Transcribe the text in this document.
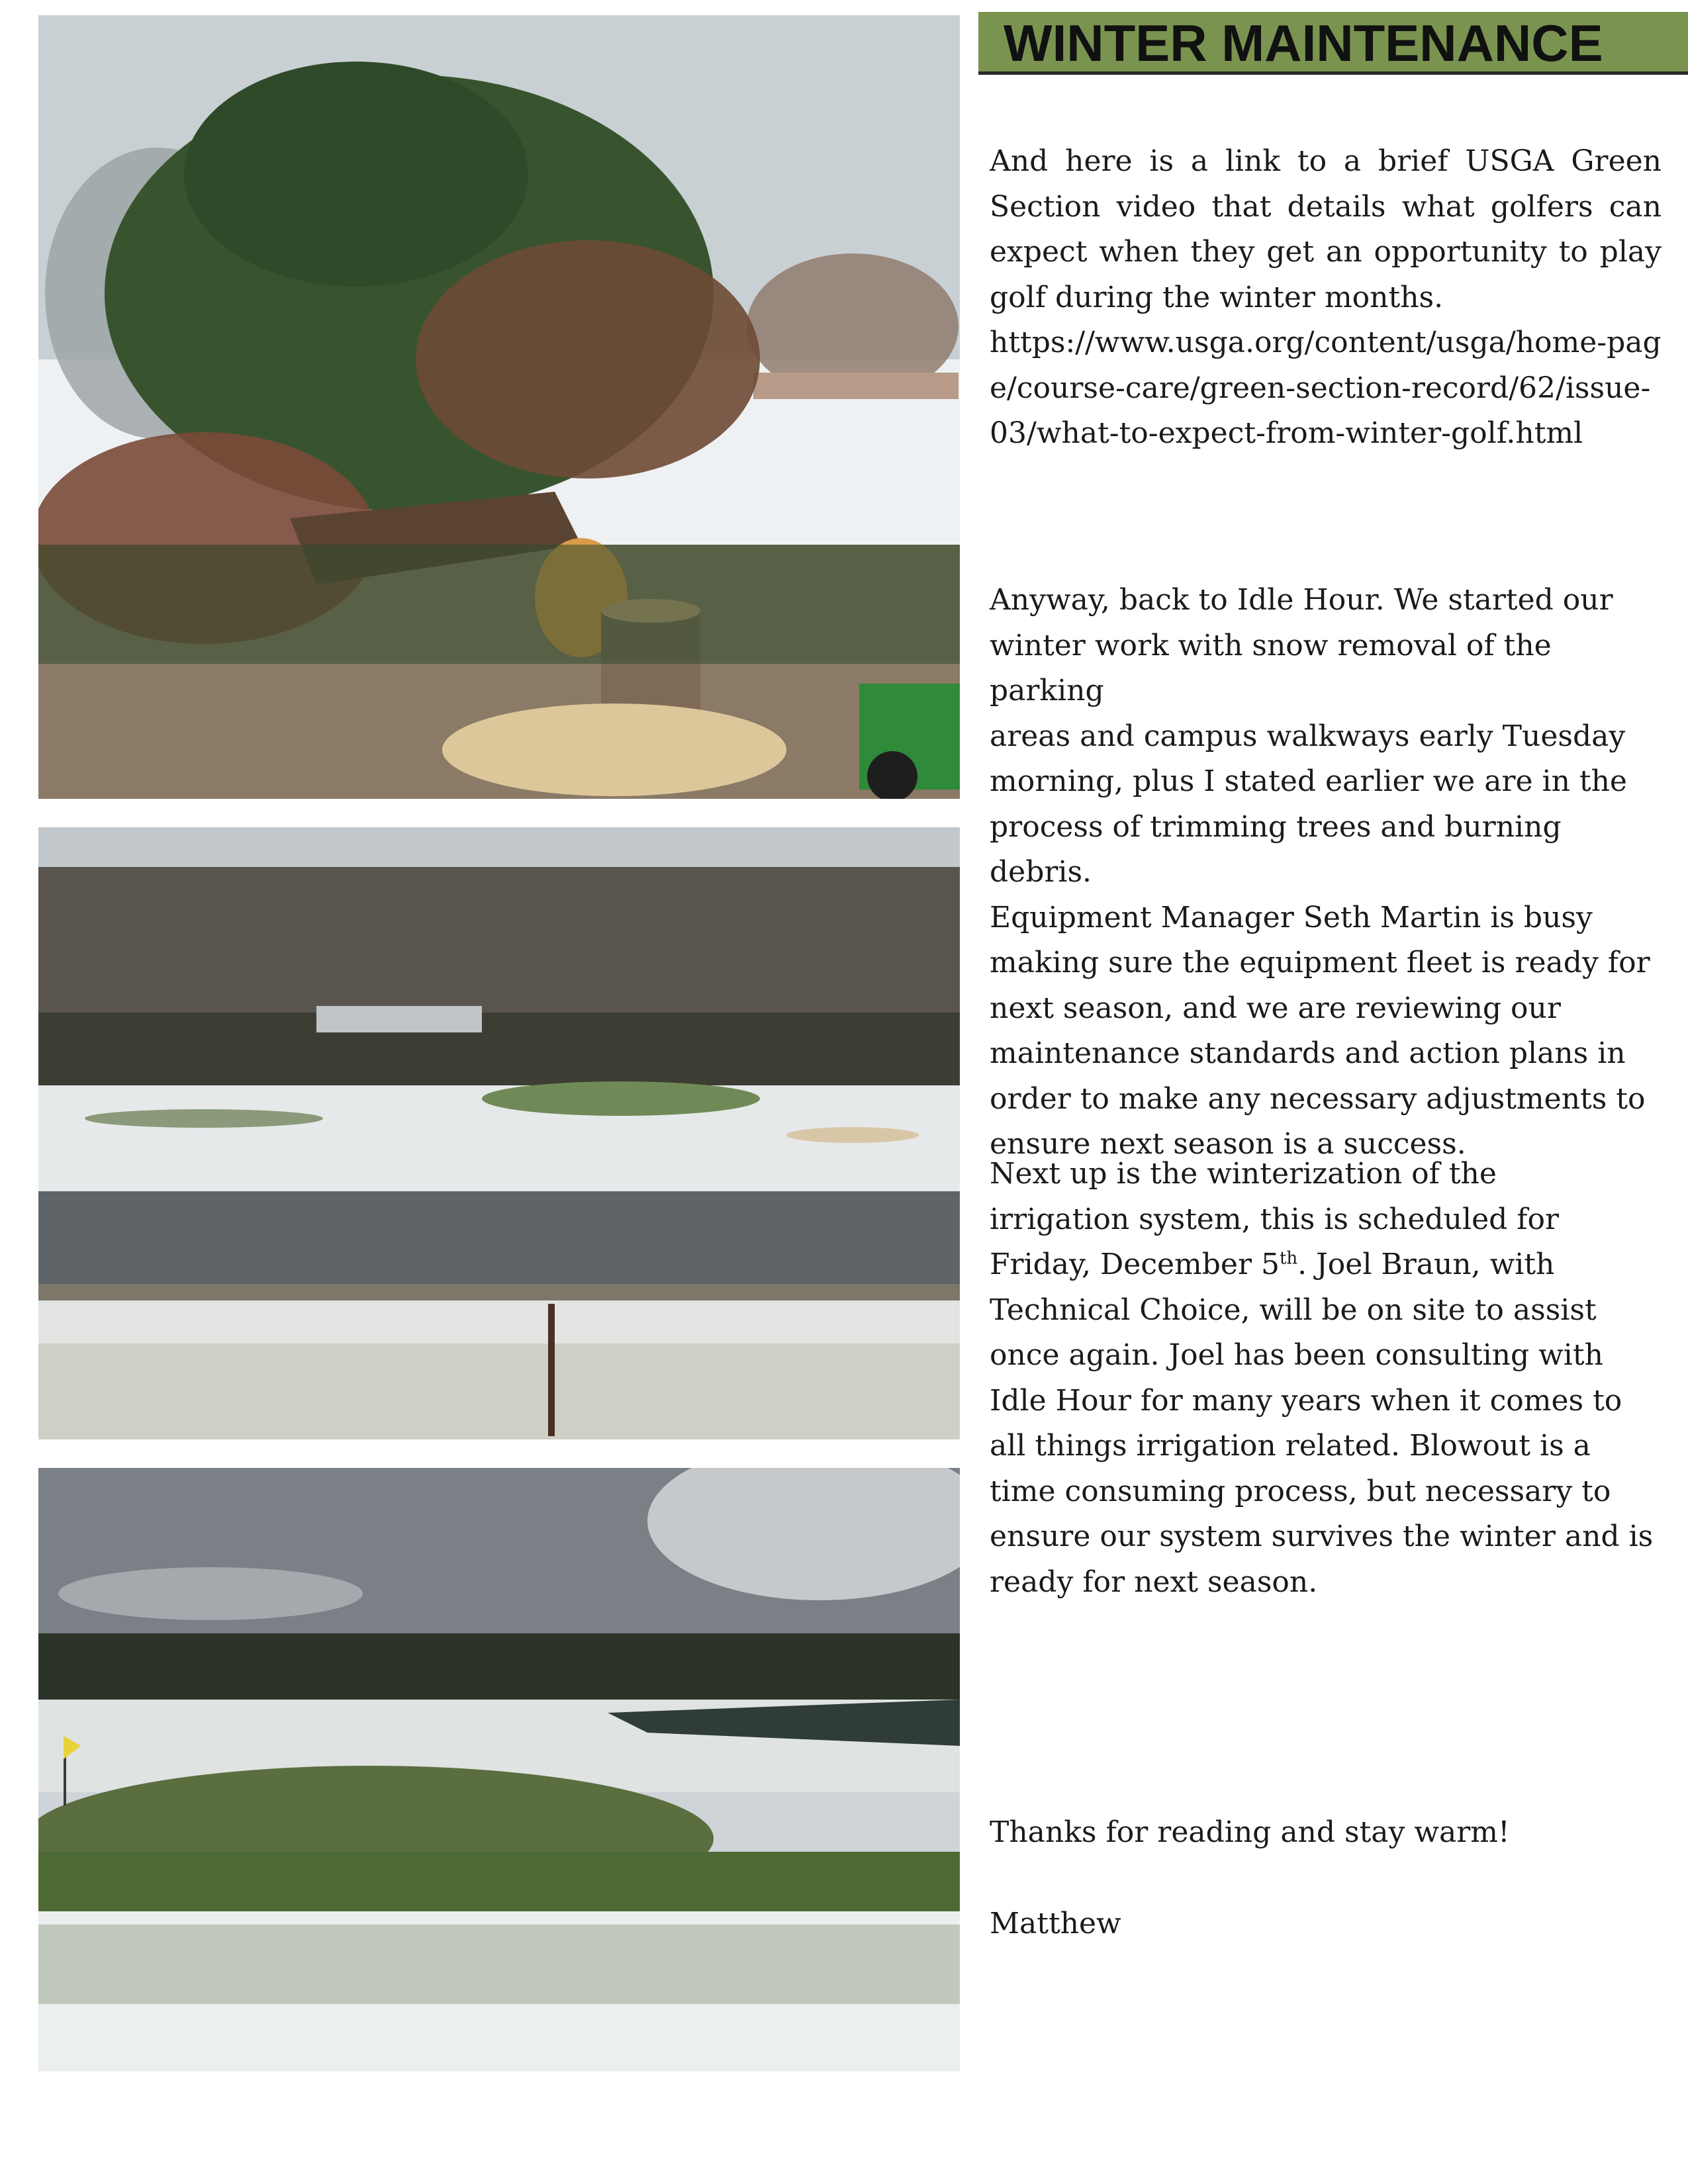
WINTER MAINTENANCE

And here is a link to a brief USGA Green Section video that details what golfers can expect when they get an opportunity to play golf during the winter months.
https://www.usga.org/content/usga/home-page/course-care/green-section-record/62/issue-03/what-to-expect-from-winter-golf.html

Anyway, back to Idle Hour. We started our
winter work with snow removal of the parking
areas and campus walkways early Tuesday
morning, plus I stated earlier we are in the
process of trimming trees and burning debris.
Equipment Manager Seth Martin is busy
making sure the equipment fleet is ready for
next season, and we are reviewing our
maintenance standards and action plans in
order to make any necessary adjustments to
ensure next season is a success.

Next up is the winterization of the
irrigation system, this is scheduled for
Friday, December 5th. Joel Braun, with
Technical Choice, will be on site to assist
once again. Joel has been consulting with
Idle Hour for many years when it comes to
all things irrigation related. Blowout is a
time consuming process, but necessary to
ensure our system survives the winter and is
ready for next season.

Thanks for reading and stay warm!

Matthew
